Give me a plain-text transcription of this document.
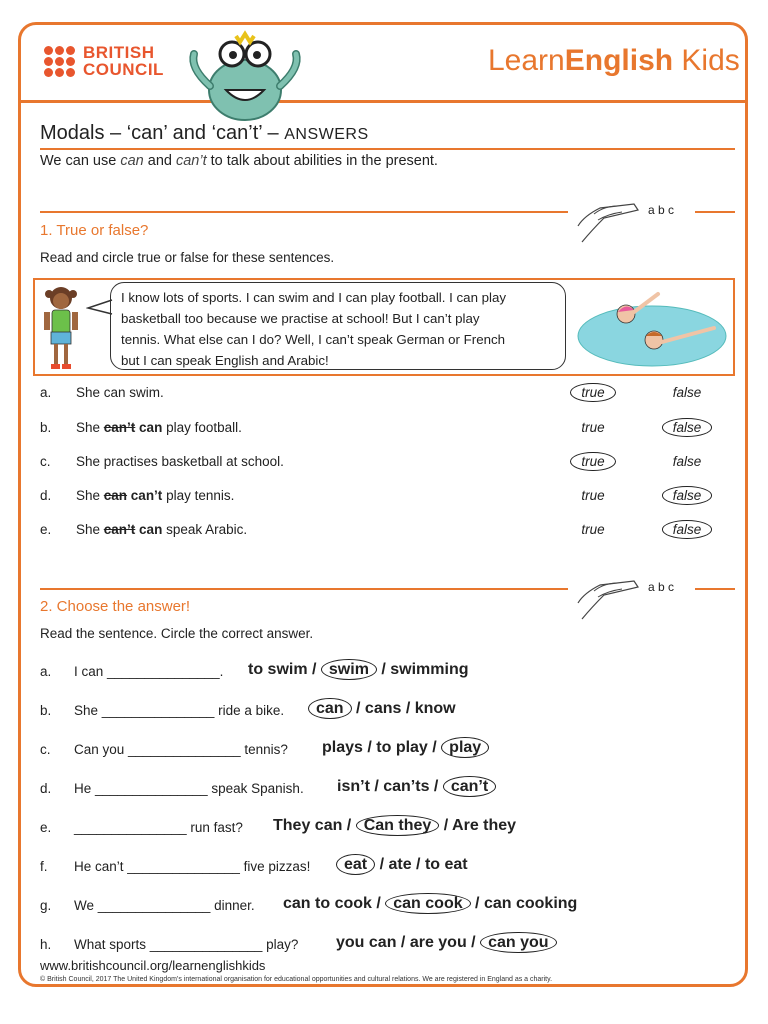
BRITISH
COUNCIL	LearnEnglish Kids
Modals – ‘can’ and ‘can’t’ – ANSWERS
We can use can and can’t to talk about abilities in the present.
a b c
1. True or false?
Read and circle true or false for these sentences.
I know lots of sports. I can swim and I can play football. I can play
basketball too because we practise at school! But I can’t play
tennis. What else can I do? Well, I can’t speak German or French
but I can speak English and Arabic!
a. She can swim.	true	false
b. She can’t can play football.	true	false
c. She practises basketball at school.	true	false
d. She can can’t play tennis.	true	false
e. She can’t can speak Arabic.	true	false
a b c
2. Choose the answer!
Read the sentence. Circle the correct answer.
a. I can _______________. to swim / swim / swimming
b. She _______________ ride a bike.	can / cans / know
c. Can you _______________ tennis? plays / to play / play
d. He _______________ speak Spanish. isn’t / can’ts / can’t
e. _______________ run fast? They can / Can they / Are they
f. He can’t _______________ five pizzas!	eat / ate / to eat
g. We _______________ dinner. can to cook / can cook / can cooking
h. What sports _______________ play? you can / are you / can you
www.britishcouncil.org/learnenglishkids
© British Council, 2017 The United Kingdom’s international organisation for educational opportunities and cultural relations. We are registered in England as a charity.
